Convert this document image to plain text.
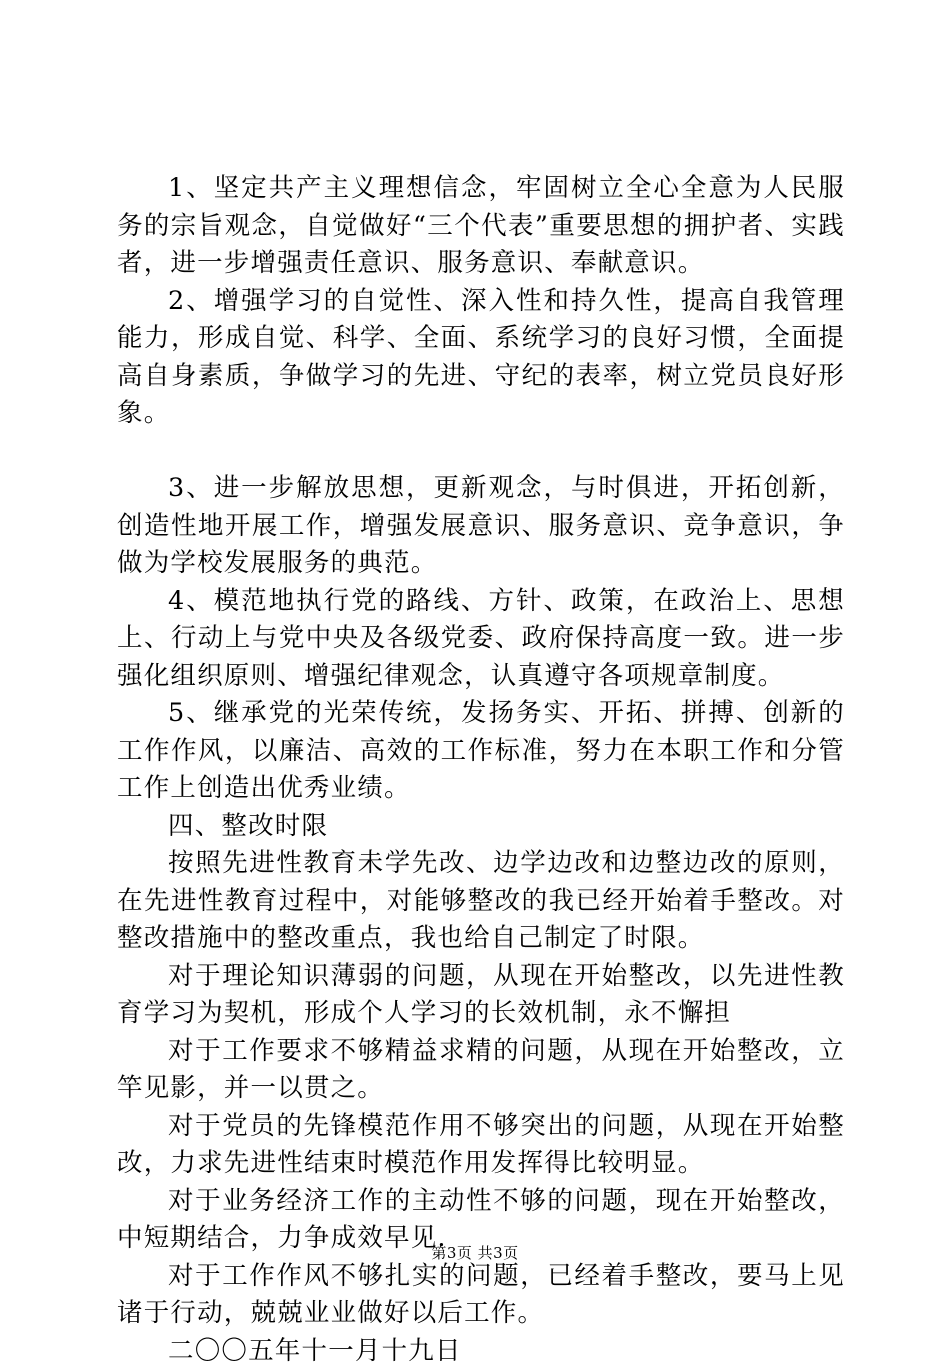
1、坚定共产主义理想信念，牢固树立全心全意为人民服务的宗旨观念，自觉做好“三个代表”重要思想的拥护者、实践者，进一步增强责任意识、服务意识、奉献意识。

2、增强学习的自觉性、深入性和持久性，提高自我管理能力，形成自觉、科学、全面、系统学习的良好习惯，全面提高自身素质，争做学习的先进、守纪的表率，树立党员良好形象。

3、进一步解放思想，更新观念，与时俱进，开拓创新，创造性地开展工作，增强发展意识、服务意识、竞争意识，争做为学校发展服务的典范。

4、模范地执行党的路线、方针、政策，在政治上、思想上、行动上与党中央及各级党委、政府保持高度一致。进一步强化组织原则、增强纪律观念，认真遵守各项规章制度。

5、继承党的光荣传统，发扬务实、开拓、拼搏、创新的工作作风，以廉洁、高效的工作标准，努力在本职工作和分管工作上创造出优秀业绩。

四、整改时限

按照先进性教育未学先改、边学边改和边整边改的原则，在先进性教育过程中，对能够整改的我已经开始着手整改。对整改措施中的整改重点，我也给自己制定了时限。

对于理论知识薄弱的问题，从现在开始整改，以先进性教育学习为契机，形成个人学习的长效机制，永不懈担

对于工作要求不够精益求精的问题，从现在开始整改，立竿见影，并一以贯之。

对于党员的先锋模范作用不够突出的问题，从现在开始整改，力求先进性结束时模范作用发挥得比较明显。

对于业务经济工作的主动性不够的问题，现在开始整改，中短期结合，力争成效早见.

对于工作作风不够扎实的问题，已经着手整改，要马上见诸于行动，兢兢业业做好以后工作。

二〇〇五年十一月十九日

第3页 共3页
